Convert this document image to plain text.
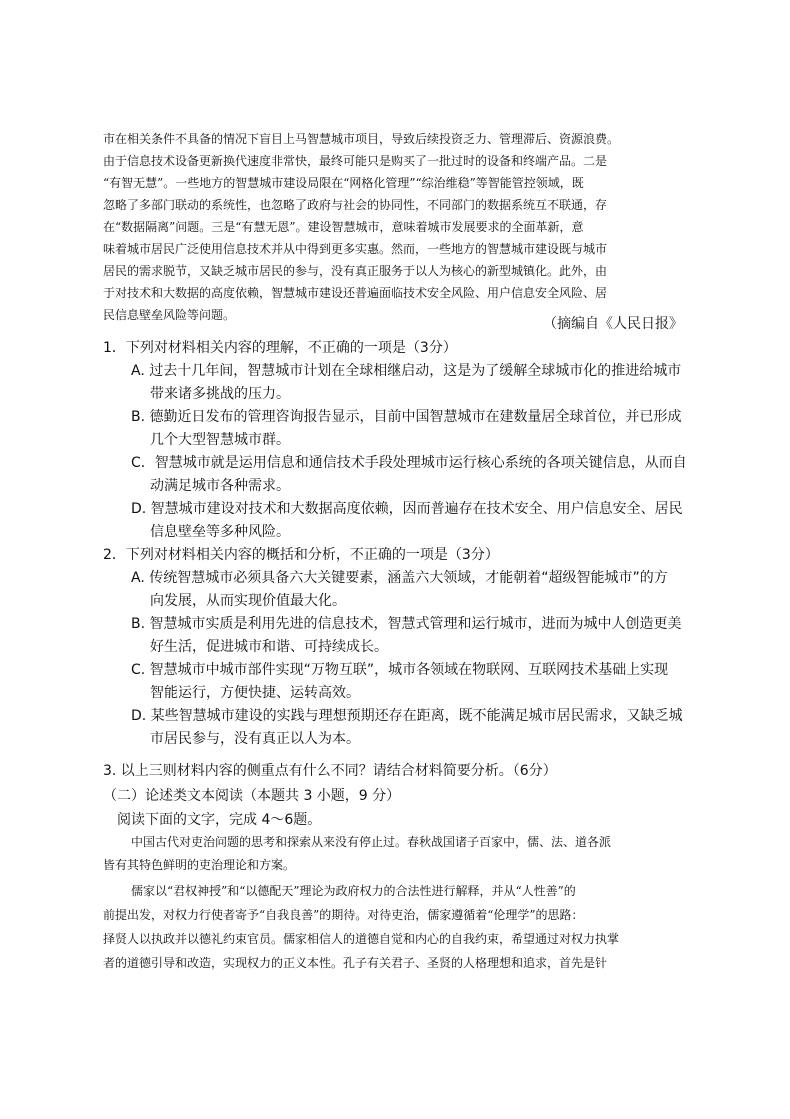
市在相关条件不具备的情况下盲目上马智慧城市项目，导致后续投资乏力、管理滞后、资源浪费。
由于信息技术设备更新换代速度非常快，最终可能只是购买了一批过时的设备和终端产品。二是
“有智无慧”。一些地方的智慧城市建设局限在“网格化管理”“综治维稳”等智能管控领域，既
忽略了多部门联动的系统性，也忽略了政府与社会的协同性，不同部门的数据系统互不联通，存
在“数据隔离”问题。三是“有慧无恩”。建设智慧城市，意味着城市发展要求的全面革新，意
味着城市居民广泛使用信息技术并从中得到更多实惠。然而，一些地方的智慧城市建设既与城市
居民的需求脱节，又缺乏城市居民的参与，没有真正服务于以人为核心的新型城镇化。此外，由
于对技术和大数据的高度依赖，智慧城市建设还普遍面临技术安全风险、用户信息安全风险、居
民信息壁垒风险等问题。
（摘编自《人民日报》
1．下列对材料相关内容的理解，不正确的一项是（3分）
A. 过去十几年间，智慧城市计划在全球相继启动，这是为了缓解全球城市化的推进给城市
带来诸多挑战的压力。
B. 德勤近日发布的管理咨询报告显示，目前中国智慧城市在建数量居全球首位，并已形成
几个大型智慧城市群。
C．智慧城市就是运用信息和通信技术手段处理城市运行核心系统的各项关键信息，从而自
动满足城市各种需求。
D. 智慧城市建设对技术和大数据高度依赖，因而普遍存在技术安全、用户信息安全、居民
信息壁垒等多种风险。
2．下列对材料相关内容的概括和分析，不正确的一项是（3分）
A. 传统智慧城市必须具备六大关键要素，涵盖六大领域，才能朝着“超级智能城市”的方
向发展，从而实现价值最大化。
B. 智慧城市实质是利用先进的信息技术，智慧式管理和运行城市，进而为城中人创造更美
好生活，促进城市和谐、可持续成长。
C. 智慧城市中城市部件实现“万物互联”，城市各领域在物联网、互联网技术基础上实现
智能运行，方便快捷、运转高效。
D. 某些智慧城市建设的实践与理想预期还存在距离，既不能满足城市居民需求，又缺乏城
市居民参与，没有真正以人为本。
3. 以上三则材料内容的侧重点有什么不同？请结合材料简要分析。（6分）
（二）论述类文本阅读（本题共 3 小题，9 分）
阅读下面的文字，完成 4～6题。
中国古代对吏治问题的思考和探索从来没有停止过。春秋战国诸子百家中，儒、法、道各派
皆有其特色鲜明的吏治理论和方案。
儒家以“君权神授”和“以德配天”理论为政府权力的合法性进行解释，并从“人性善”的
前提出发，对权力行使者寄予“自我良善”的期待。对待吏治，儒家遵循着“伦理学”的思路：
择贤人以执政并以德礼约束官员。儒家相信人的道德自觉和内心的自我约束，希望通过对权力执掌
者的道德引导和改造，实现权力的正义本性。孔子有关君子、圣贤的人格理想和追求，首先是针
